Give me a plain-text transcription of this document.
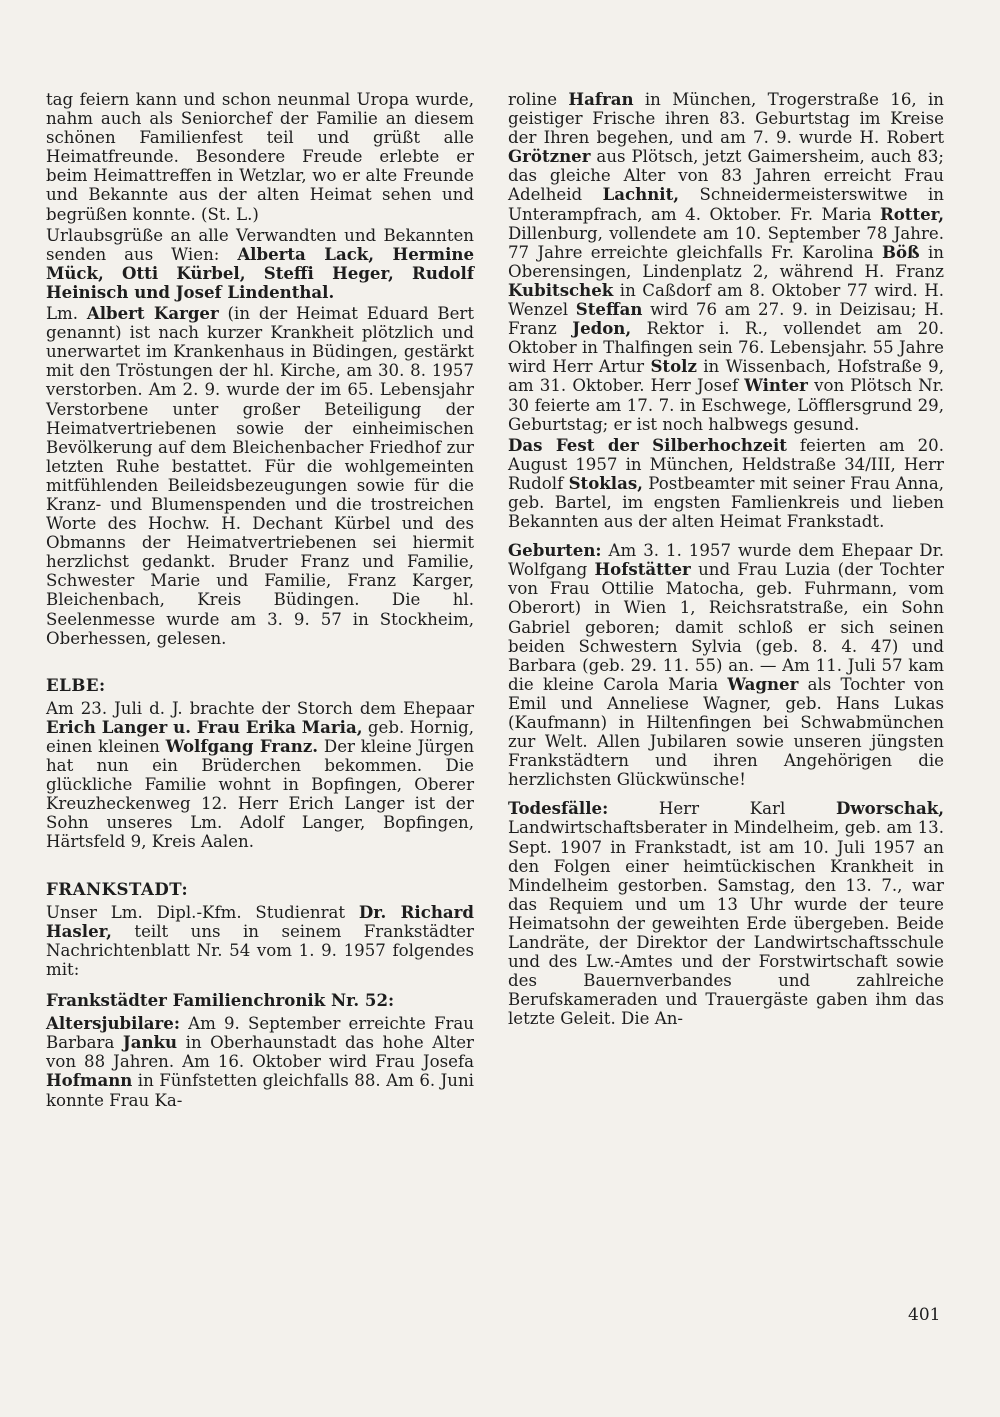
tag feiern kann und schon neunmal Uropa wurde, nahm auch als Seniorchef der Familie an diesem schönen Familienfest teil und grüßt alle Heimatfreunde. Besondere Freude erlebte er beim Heimattreffen in Wetzlar, wo er alte Freunde und Bekannte aus der alten Heimat sehen und begrüßen konnte. (St. L.)

Urlaubsgrüße an alle Verwandten und Bekannten senden aus Wien: Alberta Lack, Hermine Mück, Otti Kürbel, Steffi Heger, Rudolf Heinisch und Josef Lindenthal.

Lm. Albert Karger (in der Heimat Eduard Bert genannt) ist nach kurzer Krankheit plötzlich und unerwartet im Krankenhaus in Büdingen, gestärkt mit den Tröstungen der hl. Kirche, am 30. 8. 1957 verstorben. Am 2. 9. wurde der im 65. Lebensjahr Verstorbene unter großer Beteiligung der Heimatvertriebenen sowie der einheimischen Bevölkerung auf dem Bleichenbacher Friedhof zur letzten Ruhe bestattet. Für die wohlgemeinten mitfühlenden Beileidsbezeugungen sowie für die Kranz- und Blumenspenden und die trostreichen Worte des Hochw. H. Dechant Kürbel und des Obmanns der Heimatvertriebenen sei hiermit herzlichst gedankt. Bruder Franz und Familie, Schwester Marie und Familie, Franz Karger, Bleichenbach, Kreis Büdingen. Die hl. Seelenmesse wurde am 3. 9. 57 in Stockheim, Oberhessen, gelesen.

ELBE:

Am 23. Juli d. J. brachte der Storch dem Ehepaar Erich Langer u. Frau Erika Maria, geb. Hornig, einen kleinen Wolfgang Franz. Der kleine Jürgen hat nun ein Brüderchen bekommen. Die glückliche Familie wohnt in Bopfingen, Oberer Kreuzheckenweg 12. Herr Erich Langer ist der Sohn unseres Lm. Adolf Langer, Bopfingen, Härtsfeld 9, Kreis Aalen.

FRANKSTADT:

Unser Lm. Dipl.-Kfm. Studienrat Dr. Richard Hasler, teilt uns in seinem Frankstädter Nachrichtenblatt Nr. 54 vom 1. 9. 1957 folgendes mit:

Frankstädter Familienchronik Nr. 52:

Altersjubilare: Am 9. September erreichte Frau Barbara Janku in Oberhaunstadt das hohe Alter von 88 Jahren. Am 16. Oktober wird Frau Josefa Hofmann in Fünfstetten gleichfalls 88. Am 6. Juni konnte Frau Ka-

roline Hafran in München, Trogerstraße 16, in geistiger Frische ihren 83. Geburtstag im Kreise der Ihren begehen, und am 7. 9. wurde H. Robert Grötzner aus Plötsch, jetzt Gaimersheim, auch 83; das gleiche Alter von 83 Jahren erreicht Frau Adelheid Lachnit, Schneidermeisterswitwe in Unterampfrach, am 4. Oktober. Fr. Maria Rotter, Dillenburg, vollendete am 10. September 78 Jahre. 77 Jahre erreichte gleichfalls Fr. Karolina Böß in Oberensingen, Lindenplatz 2, während H. Franz Kubitschek in Caßdorf am 8. Oktober 77 wird. H. Wenzel Steffan wird 76 am 27. 9. in Deizisau; H. Franz Jedon, Rektor i. R., vollendet am 20. Oktober in Thalfingen sein 76. Lebensjahr. 55 Jahre wird Herr Artur Stolz in Wissenbach, Hofstraße 9, am 31. Oktober. Herr Josef Winter von Plötsch Nr. 30 feierte am 17. 7. in Eschwege, Löfflersgrund 29, Geburtstag; er ist noch halbwegs gesund.

Das Fest der Silberhochzeit feierten am 20. August 1957 in München, Heldstraße 34/III, Herr Rudolf Stoklas, Postbeamter mit seiner Frau Anna, geb. Bartel, im engsten Famlienkreis und lieben Bekannten aus der alten Heimat Frankstadt.

Geburten: Am 3. 1. 1957 wurde dem Ehepaar Dr. Wolfgang Hofstätter und Frau Luzia (der Tochter von Frau Ottilie Matocha, geb. Fuhrmann, vom Oberort) in Wien 1, Reichsratstraße, ein Sohn Gabriel geboren; damit schloß er sich seinen beiden Schwestern Sylvia (geb. 8. 4. 47) und Barbara (geb. 29. 11. 55) an. — Am 11. Juli 57 kam die kleine Carola Maria Wagner als Tochter von Emil und Anneliese Wagner, geb. Hans Lukas (Kaufmann) in Hiltenfingen bei Schwabmünchen zur Welt. Allen Jubilaren sowie unseren jüngsten Frankstädtern und ihren Angehörigen die herzlichsten Glückwünsche!

Todesfälle: Herr Karl Dworschak, Landwirtschaftsberater in Mindelheim, geb. am 13. Sept. 1907 in Frankstadt, ist am 10. Juli 1957 an den Folgen einer heimtückischen Krankheit in Mindelheim gestorben. Samstag, den 13. 7., war das Requiem und um 13 Uhr wurde der teure Heimatsohn der geweihten Erde übergeben. Beide Landräte, der Direktor der Landwirtschaftsschule und des Lw.-Amtes und der Forstwirtschaft sowie des Bauernverbandes und zahlreiche Berufskameraden und Trauergäste gaben ihm das letzte Geleit. Die An-

401
